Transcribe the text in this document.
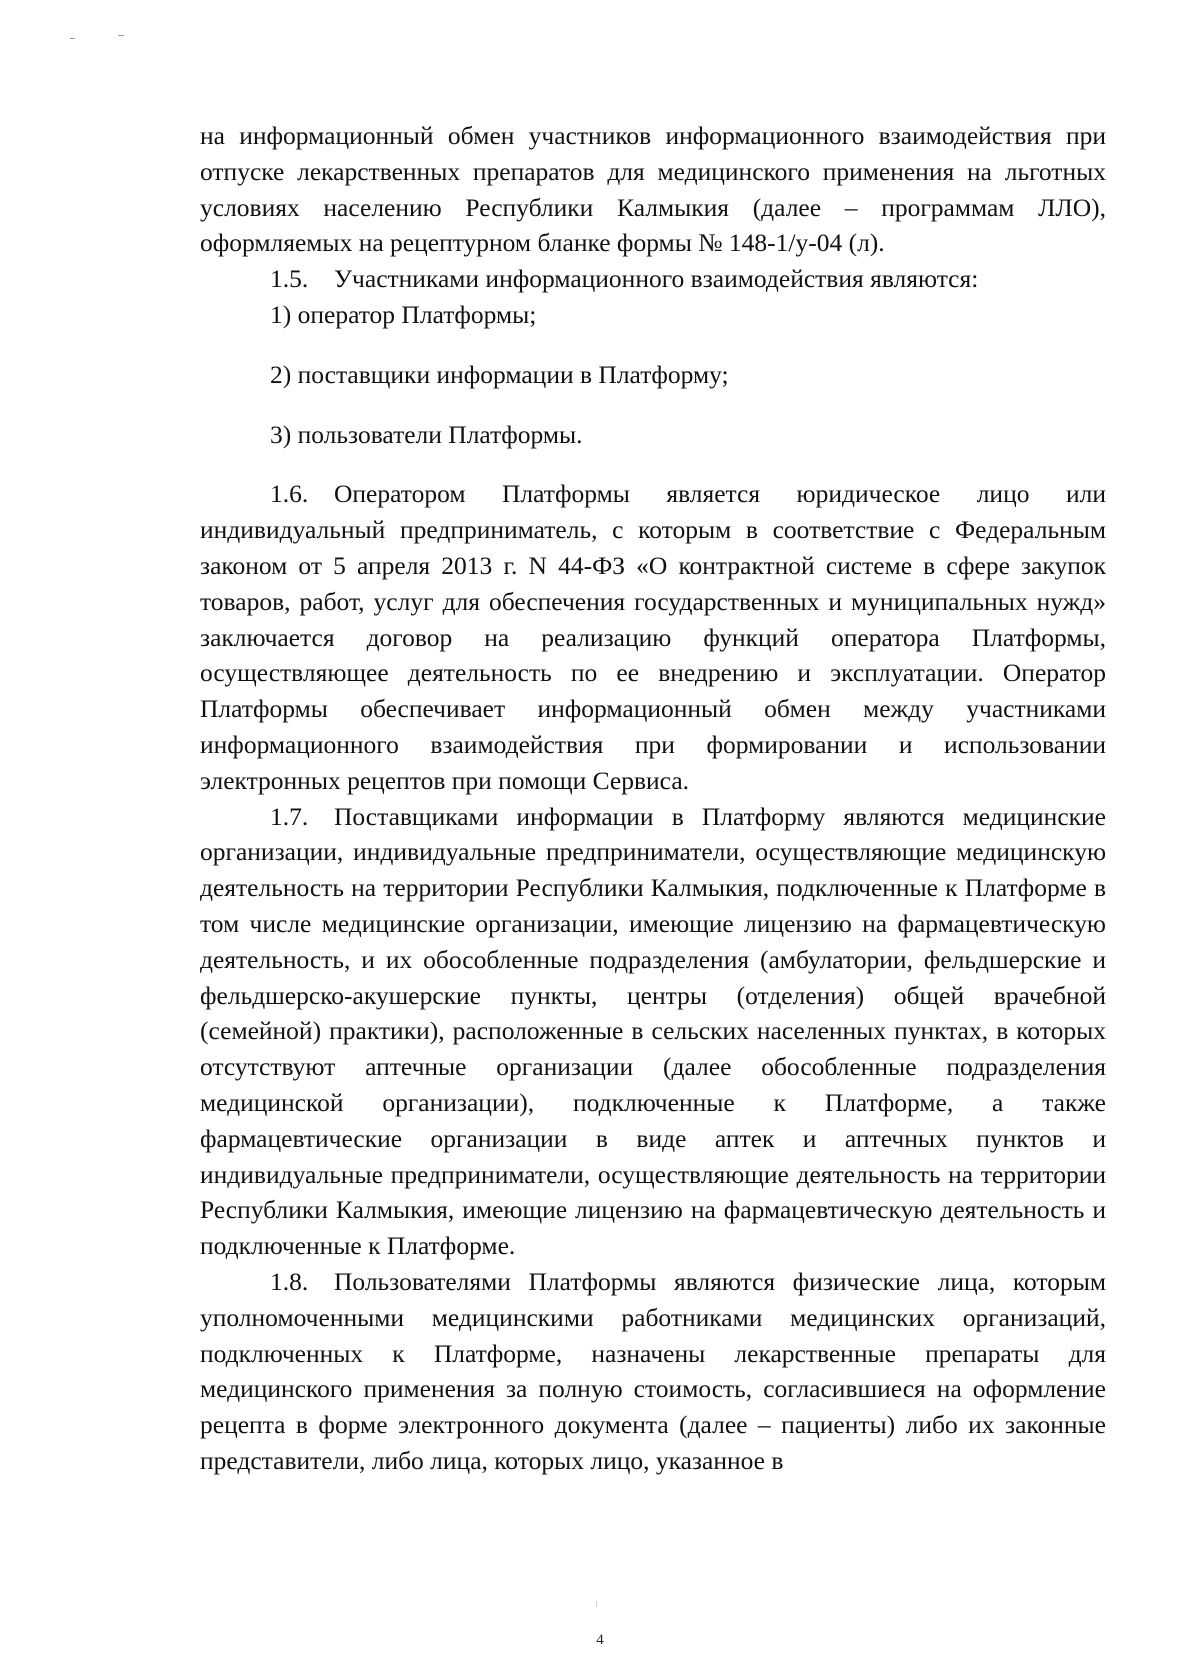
на информационный обмен участников информационного взаимодействия при отпуске лекарственных препаратов для медицинского применения на льготных условиях населению Республики Калмыкия (далее – программам ЛЛО), оформляемых на рецептурном бланке формы № 148-1/у-04 (л).

1.5. Участниками информационного взаимодействия являются:

1) оператор Платформы;

2) поставщики информации в Платформу;

3) пользователи Платформы.

1.6. Оператором Платформы является юридическое лицо или индивидуальный предприниматель, с которым в соответствие с Федеральным законом от 5 апреля 2013 г. N 44-ФЗ «О контрактной системе в сфере закупок товаров, работ, услуг для обеспечения государственных и муниципальных нужд» заключается договор на реализацию функций оператора Платформы, осуществляющее деятельность по ее внедрению и эксплуатации. Оператор Платформы обеспечивает информационный обмен между участниками информационного взаимодействия при формировании и использовании электронных рецептов при помощи Сервиса.

1.7. Поставщиками информации в Платформу являются медицинские организации, индивидуальные предприниматели, осуществляющие медицинскую деятельность на территории Республики Калмыкия, подключенные к Платформе в том числе медицинские организации, имеющие лицензию на фармацевтическую деятельность, и их обособленные подразделения (амбулатории, фельдшерские и фельдшерско-акушерские пункты, центры (отделения) общей врачебной (семейной) практики), расположенные в сельских населенных пунктах, в которых отсутствуют аптечные организации (далее обособленные подразделения медицинской организации), подключенные к Платформе, а также фармацевтические организации в виде аптек и аптечных пунктов и индивидуальные предприниматели, осуществляющие деятельность на территории Республики Калмыкия, имеющие лицензию на фармацевтическую деятельность и подключенные к Платформе.

1.8. Пользователями Платформы являются физические лица, которым уполномоченными медицинскими работниками медицинских организаций, подключенных к Платформе, назначены лекарственные препараты для медицинского применения за полную стоимость, согласившиеся на оформление рецепта в форме электронного документа (далее – пациенты) либо их законные представители, либо лица, которых лицо, указанное в

4
